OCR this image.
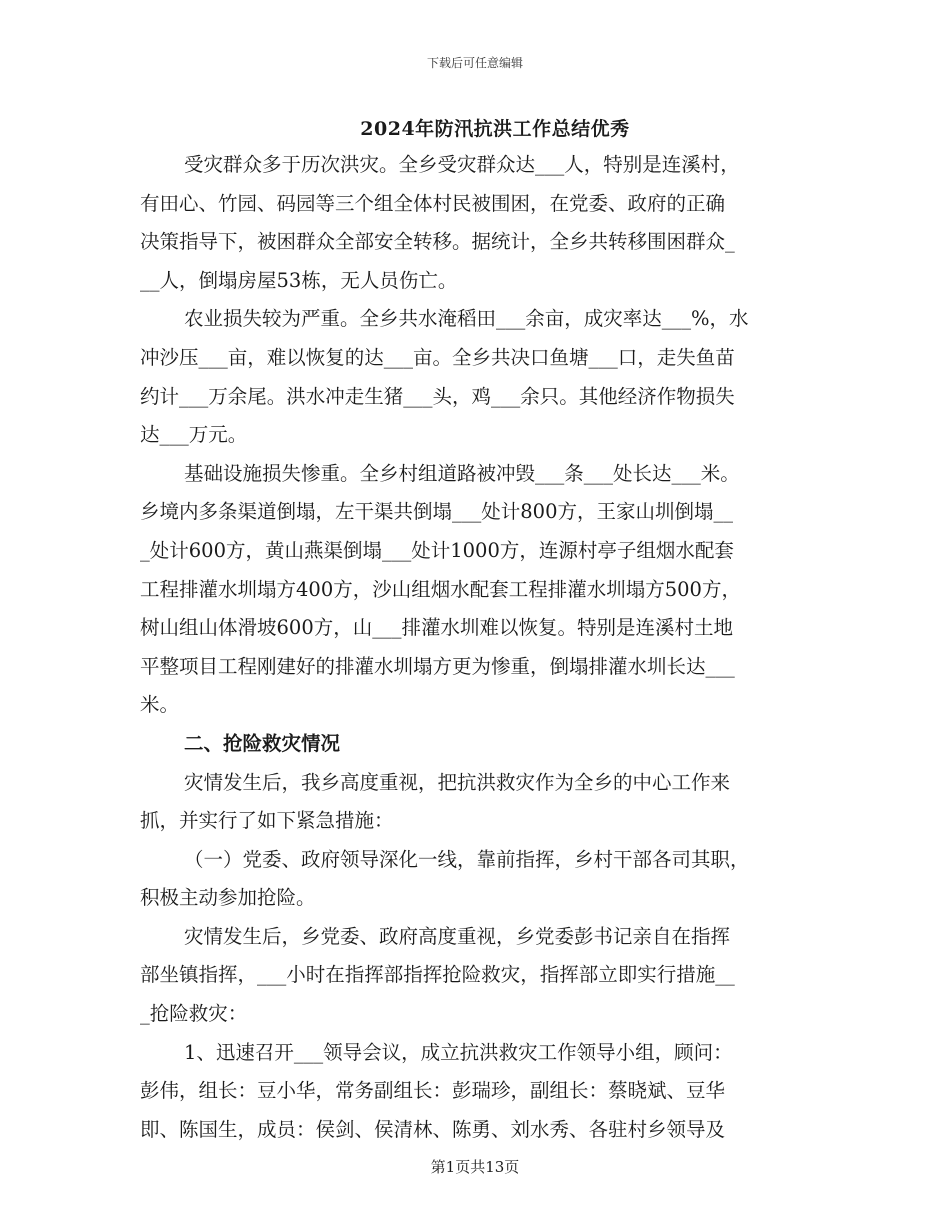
下载后可任意编辑
2024年防汛抗洪工作总结优秀
受灾群众多于历次洪灾。全乡受灾群众达___人，特别是连溪村，
有田心、竹园、码园等三个组全体村民被围困，在党委、政府的正确
决策指导下，被困群众全部安全转移。据统计，全乡共转移围困群众_
__人，倒塌房屋53栋，无人员伤亡。
农业损失较为严重。全乡共水淹稻田___余亩，成灾率达___%，水
冲沙压___亩，难以恢复的达___亩。全乡共决口鱼塘___口，走失鱼苗
约计___万余尾。洪水冲走生猪___头，鸡___余只。其他经济作物损失
达___万元。
基础设施损失惨重。全乡村组道路被冲毁___条___处长达___米。
乡境内多条渠道倒塌，左干渠共倒塌___处计800方，王家山圳倒塌__
_处计600方，黄山燕渠倒塌___处计1000方，连源村亭子组烟水配套
工程排灌水圳塌方400方，沙山组烟水配套工程排灌水圳塌方500方，
树山组山体滑坡600方，山___排灌水圳难以恢复。特别是连溪村土地
平整项目工程刚建好的排灌水圳塌方更为惨重，倒塌排灌水圳长达___
米。
二、抢险救灾情况
灾情发生后，我乡高度重视，把抗洪救灾作为全乡的中心工作来
抓，并实行了如下紧急措施：
（一）党委、政府领导深化一线，靠前指挥，乡村干部各司其职，
积极主动参加抢险。
灾情发生后，乡党委、政府高度重视，乡党委彭书记亲自在指挥
部坐镇指挥，___小时在指挥部指挥抢险救灾，指挥部立即实行措施__
_抢险救灾：
1、迅速召开___领导会议，成立抗洪救灾工作领导小组，顾问：
彭伟，组长：豆小华，常务副组长：彭瑞珍，副组长：蔡晓斌、豆华
即、陈国生，成员：侯剑、侯清林、陈勇、刘水秀、各驻村乡领导及
第1页共13页
